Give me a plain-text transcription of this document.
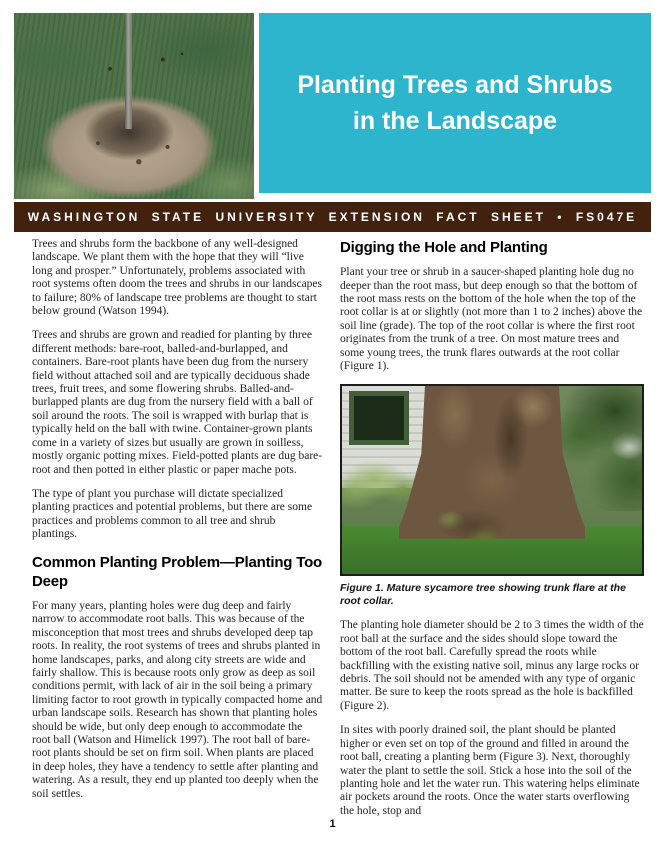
Planting Trees and Shrubs
in the Landscape
WASHINGTON STATE UNIVERSITY EXTENSION FACT SHEET • FS047E

Trees and shrubs form the backbone of any well-designed landscape. We plant them with the hope that they will “live long and prosper.” Unfortunately, problems associated with root systems often doom the trees and shrubs in our landscapes to failure; 80% of landscape tree problems are thought to start below ground (Watson 1994).

Trees and shrubs are grown and readied for planting by three different methods: bare-root, balled-and-burlapped, and containers. Bare-root plants have been dug from the nursery field without attached soil and are typically deciduous shade trees, fruit trees, and some flowering shrubs. Balled-and-burlapped plants are dug from the nursery field with a ball of soil around the roots. The soil is wrapped with burlap that is typically held on the ball with twine. Container-grown plants come in a variety of sizes but usually are grown in soilless, mostly organic potting mixes. Field-potted plants are dug bare-root and then potted in either plastic or paper mache pots.

The type of plant you purchase will dictate specialized planting practices and potential problems, but there are some practices and problems common to all tree and shrub plantings.

Common Planting Problem—Planting Too Deep

For many years, planting holes were dug deep and fairly narrow to accommodate root balls. This was because of the misconception that most trees and shrubs developed deep tap roots. In reality, the root systems of trees and shrubs planted in home landscapes, parks, and along city streets are wide and fairly shallow. This is because roots only grow as deep as soil conditions permit, with lack of air in the soil being a primary limiting factor to root growth in typically compacted home and urban landscape soils. Research has shown that planting holes should be wide, but only deep enough to accommodate the root ball (Watson and Himelick 1997). The root ball of bare-root plants should be set on firm soil. When plants are placed in deep holes, they have a tendency to settle after planting and watering. As a result, they end up planted too deeply when the soil settles.

Digging the Hole and Planting

Plant your tree or shrub in a saucer-shaped planting hole dug no deeper than the root mass, but deep enough so that the bottom of the root mass rests on the bottom of the hole when the top of the root collar is at or slightly (not more than 1 to 2 inches) above the soil line (grade). The top of the root collar is where the first root originates from the trunk of a tree. On most mature trees and some young trees, the trunk flares outwards at the root collar (Figure 1).

Figure 1. Mature sycamore tree showing trunk flare at the root collar.

The planting hole diameter should be 2 to 3 times the width of the root ball at the surface and the sides should slope toward the bottom of the root ball. Carefully spread the roots while backfilling with the existing native soil, minus any large rocks or debris. The soil should not be amended with any type of organic matter. Be sure to keep the roots spread as the hole is backfilled (Figure 2).

In sites with poorly drained soil, the plant should be planted higher or even set on top of the ground and filled in around the root ball, creating a planting berm (Figure 3). Next, thoroughly water the plant to settle the soil. Stick a hose into the soil of the planting hole and let the water run. This watering helps eliminate air pockets around the roots. Once the water starts overflowing the hole, stop and

1
